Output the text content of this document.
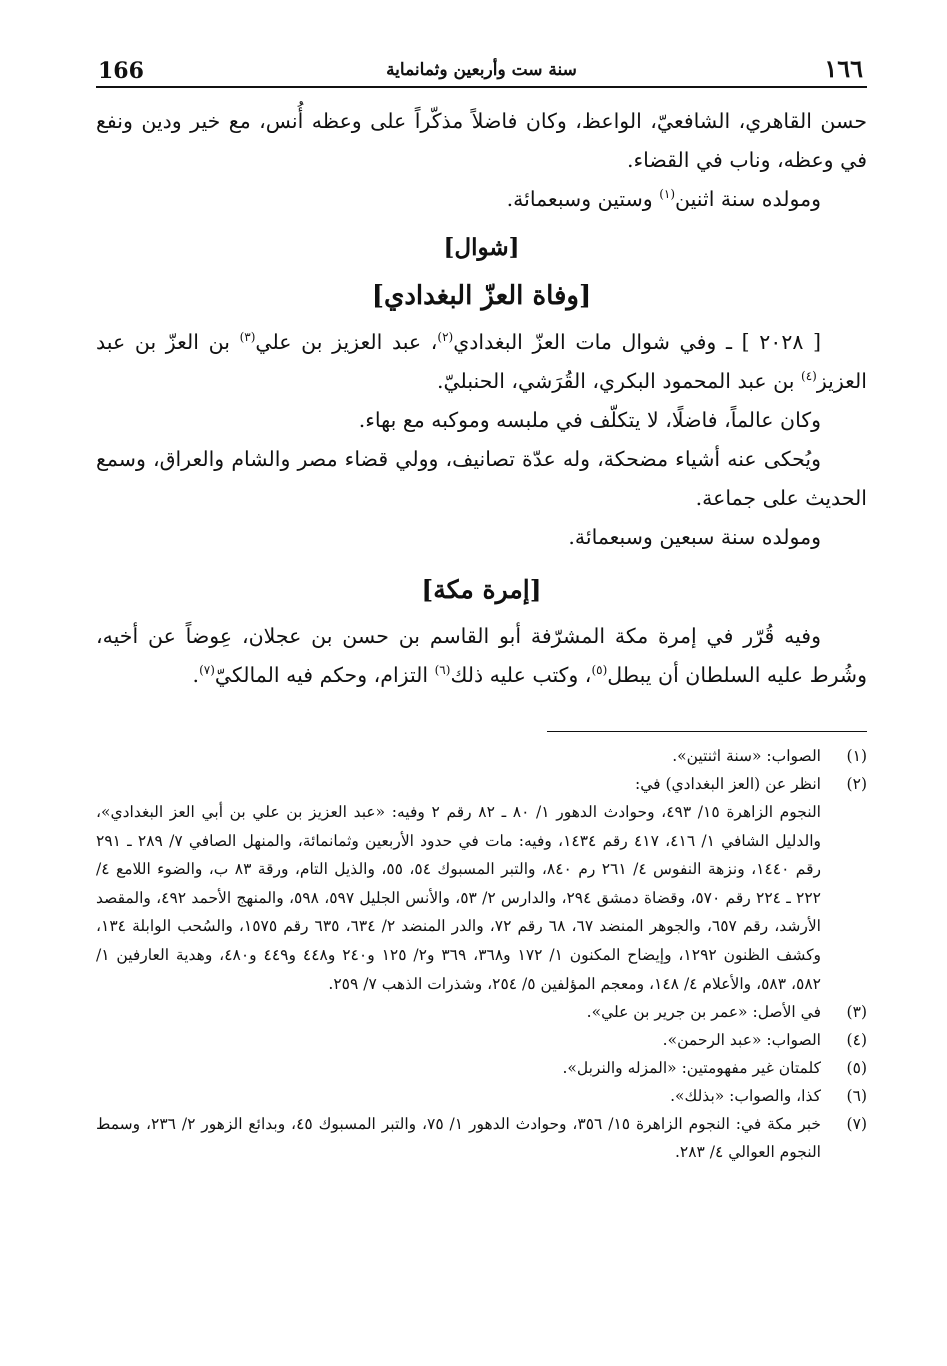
166	سنة ست وأربعين وثمانماية	١٦٦

حسن القاهري، الشافعيّ، الواعظ، وكان فاضلاً مذكّراً على وعظه أُنس، مع خير ودين ونفع في وعظه، وناب في القضاء.

ومولده سنة اثنين$^{(١)}$ وستين وسبعمائة.

[شوال]
[وفاة العزّ البغدادي]

[ ٢٠٢٨ ] ـ وفي شوال مات العزّ البغدادي$^{(٢)}$، عبد العزيز بن علي$^{(٣)}$ بن العزّ بن عبد العزيز$^{(٤)}$ بن عبد المحمود البكري، القُرَشي، الحنبليّ.

وكان عالماً، فاضلًا، لا يتكلّف في ملبسه وموكبه مع بهاء.

ويُحكى عنه أشياء مضحكة، وله عدّة تصانيف، وولي قضاء مصر والشام والعراق، وسمع الحديث على جماعة.

ومولده سنة سبعين وسبعمائة.

[إمرة مكة]

وفيه قُرّر في إمرة مكة المشرّفة أبو القاسم بن حسن بن عجلان، عِوضاً عن أخيه، وشُرط عليه السلطان أن يبطل$^{(٥)}$، وكتب عليه ذلك$^{(٦)}$ التزام، وحكم فيه المالكيّ$^{(٧)}$.

(١)
الصواب: «سنة اثنتين».
(٢)
انظر عن (العز البغدادي) في:
النجوم الزاهرة ١٥/ ٤٩٣، وحوادث الدهور ١/ ٨٠ ـ ٨٢ رقم ٢ وفيه: «عبد العزيز بن علي بن أبي العز البغدادي»، والدليل الشافي ١/ ٤١٦، ٤١٧ رقم ١٤٣٤، وفيه: مات في حدود الأربعين وثمانمائة، والمنهل الصافي ٧/ ٢٨٩ ـ ٢٩١ رقم ١٤٤٠، ونزهة النفوس ٤/ ٢٦١ رم ٨٤٠، والتبر المسبوك ٥٤، ٥٥، والذيل التام، ورقة ٨٣ ب، والضوء اللامع ٤/ ٢٢٢ ـ ٢٢٤ رقم ٥٧٠، وقضاة دمشق ٢٩٤، والدارس ٢/ ٥٣، والأنس الجليل ٥٩٧، ٥٩٨، والمنهج الأحمد ٤٩٢، والمقصد الأرشد، رقم ٦٥٧، والجوهر المنضد ٦٧، ٦٨ رقم ٧٢، والدر المنضد ٢/ ٦٣٤، ٦٣٥ رقم ١٥٧٥، والسُحب الوابلة ١٣٤، وكشف الظنون ١٢٩٢، وإيضاح المكنون ١/ ١٧٢ و٣٦٨، ٣٦٩ و٢/ ١٢٥ و٢٤٠ و٤٤٨ و٤٤٩ و٤٨٠، وهدية العارفين ١/ ٥٨٢، ٥٨٣، والأعلام ٤/ ١٤٨، ومعجم المؤلفين ٥/ ٢٥٤، وشذرات الذهب ٧/ ٢٥٩.
(٣)
في الأصل: «عمر بن جرير بن علي».
(٤)
الصواب: «عبد الرحمن».
(٥)
كلمتان غير مفهومتين: «المزله والنربل».
(٦)
كذا، والصواب: «بذلك».
(٧)
خبر مكة في: النجوم الزاهرة ١٥/ ٣٥٦، وحوادث الدهور ١/ ٧٥، والتبر المسبوك ٤٥، وبدائع الزهور ٢/ ٢٣٦، وسمط النجوم العوالي ٤/ ٢٨٣.
